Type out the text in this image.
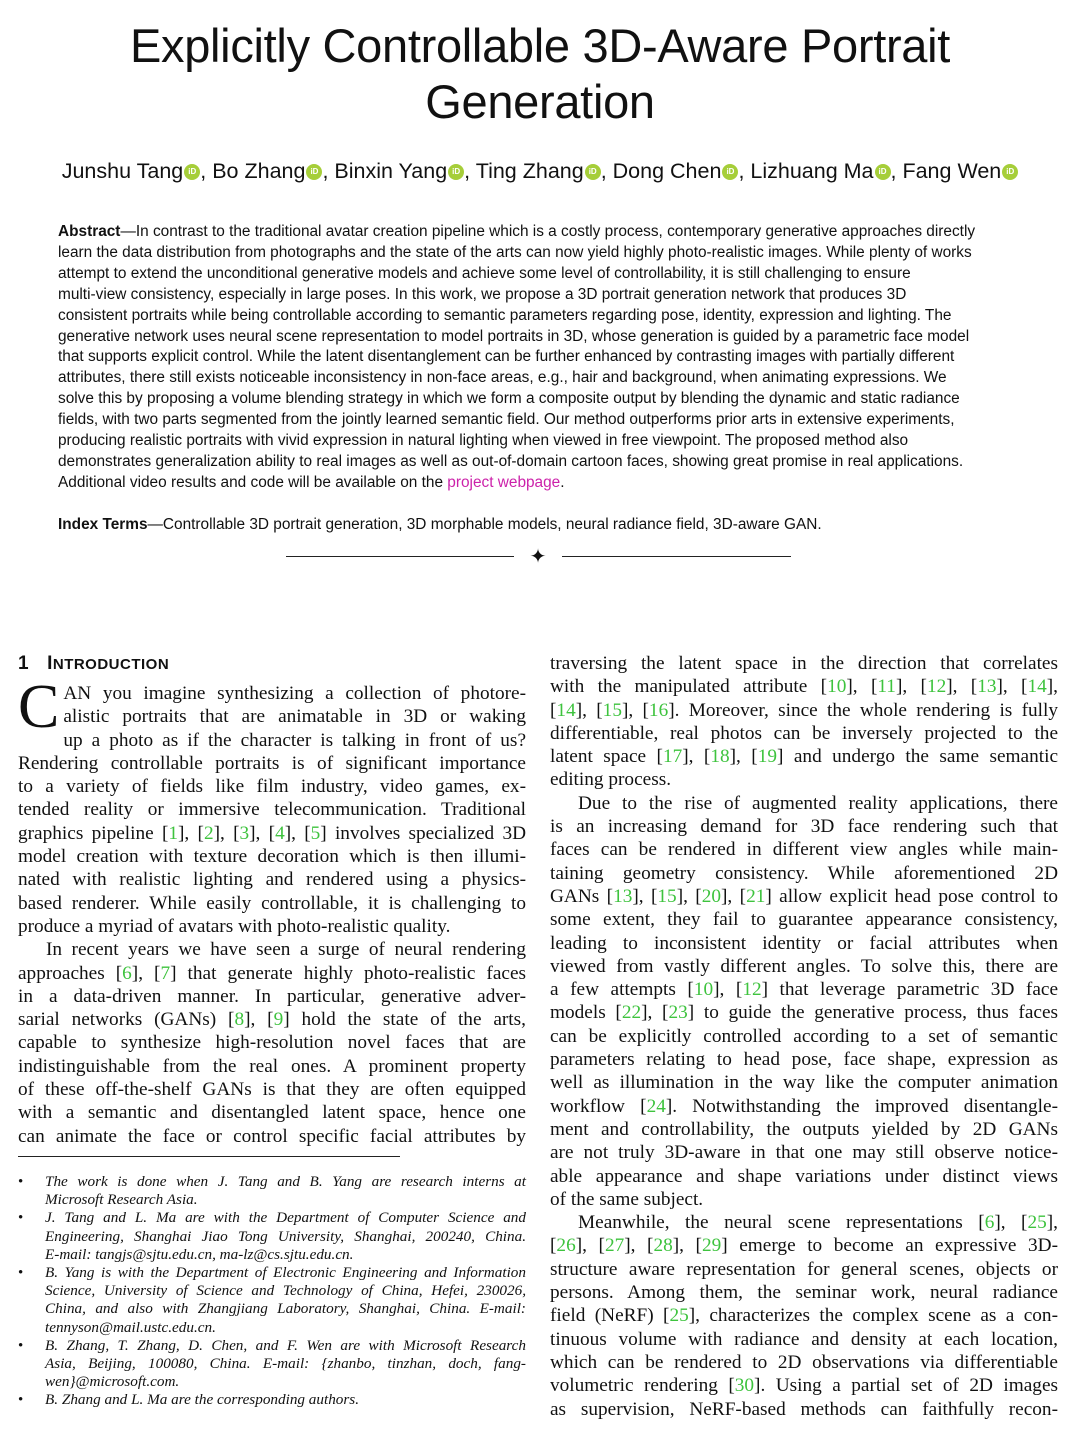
Explicitly Controllable 3D-Aware Portrait
Generation
Junshu Tang iD , Bo Zhang iD , Binxin Yang iD , Ting Zhang iD , Dong Chen iD , Lizhuang Ma iD , Fang Wen iD
Abstract—In contrast to the traditional avatar creation pipeline which is a costly process, contemporary generative approaches directly
learn the data distribution from photographs and the state of the arts can now yield highly photo-realistic images. While plenty of works
attempt to extend the unconditional generative models and achieve some level of controllability, it is still challenging to ensure
multi-view consistency, especially in large poses. In this work, we propose a 3D portrait generation network that produces 3D
consistent portraits while being controllable according to semantic parameters regarding pose, identity, expression and lighting. The
generative network uses neural scene representation to model portraits in 3D, whose generation is guided by a parametric face model
that supports explicit control. While the latent disentanglement can be further enhanced by contrasting images with partially different
attributes, there still exists noticeable inconsistency in non-face areas, e.g., hair and background, when animating expressions. We
solve this by proposing a volume blending strategy in which we form a composite output by blending the dynamic and static radiance
fields, with two parts segmented from the jointly learned semantic field. Our method outperforms prior arts in extensive experiments,
producing realistic portraits with vivid expression in natural lighting when viewed in free viewpoint. The proposed method also
demonstrates generalization ability to real images as well as out-of-domain cartoon faces, showing great promise in real applications.
Additional video results and code will be available on the project webpage.
Index Terms—Controllable 3D portrait generation, 3D morphable models, neural radiance field, 3D-aware GAN.
✦
1 INTRODUCTION
C AN you imagine synthesizing a collection of photore-
alistic portraits that are animatable in 3D or waking
up a photo as if the character is talking in front of us?
Rendering controllable portraits is of significant importance
to a variety of fields like film industry, video games, ex-
tended reality or immersive telecommunication. Traditional
graphics pipeline [1], [2], [3], [4], [5] involves specialized 3D
model creation with texture decoration which is then illumi-
nated with realistic lighting and rendered using a physics-
based renderer. While easily controllable, it is challenging to
produce a myriad of avatars with photo-realistic quality.
In recent years we have seen a surge of neural rendering
approaches [6], [7] that generate highly photo-realistic faces
in a data-driven manner. In particular, generative adver-
sarial networks (GANs) [8], [9] hold the state of the arts,
capable to synthesize high-resolution novel faces that are
indistinguishable from the real ones. A prominent property
of these off-the-shelf GANs is that they are often equipped
with a semantic and disentangled latent space, hence one
can animate the face or control specific facial attributes by
• The work is done when J. Tang and B. Yang are research interns at
Microsoft Research Asia.
• J. Tang and L. Ma are with the Department of Computer Science and
Engineering, Shanghai Jiao Tong University, Shanghai, 200240, China.
E-mail: tangjs@sjtu.edu.cn, ma-lz@cs.sjtu.edu.cn.
• B. Yang is with the Department of Electronic Engineering and Information
Science, University of Science and Technology of China, Hefei, 230026,
China, and also with Zhangjiang Laboratory, Shanghai, China. E-mail:
tennyson@mail.ustc.edu.cn.
• B. Zhang, T. Zhang, D. Chen, and F. Wen are with Microsoft Research
Asia, Beijing, 100080, China. E-mail: {zhanbo, tinzhan, doch, fang-
wen}@microsoft.com.
• B. Zhang and L. Ma are the corresponding authors.
traversing the latent space in the direction that correlates
with the manipulated attribute [10], [11], [12], [13], [14],
[14], [15], [16]. Moreover, since the whole rendering is fully
differentiable, real photos can be inversely projected to the
latent space [17], [18], [19] and undergo the same semantic
editing process.
Due to the rise of augmented reality applications, there
is an increasing demand for 3D face rendering such that
faces can be rendered in different view angles while main-
taining geometry consistency. While aforementioned 2D
GANs [13], [15], [20], [21] allow explicit head pose control to
some extent, they fail to guarantee appearance consistency,
leading to inconsistent identity or facial attributes when
viewed from vastly different angles. To solve this, there are
a few attempts [10], [12] that leverage parametric 3D face
models [22], [23] to guide the generative process, thus faces
can be explicitly controlled according to a set of semantic
parameters relating to head pose, face shape, expression as
well as illumination in the way like the computer animation
workflow [24]. Notwithstanding the improved disentangle-
ment and controllability, the outputs yielded by 2D GANs
are not truly 3D-aware in that one may still observe notice-
able appearance and shape variations under distinct views
of the same subject.
Meanwhile, the neural scene representations [6], [25],
[26], [27], [28], [29] emerge to become an expressive 3D-
structure aware representation for general scenes, objects or
persons. Among them, the seminar work, neural radiance
field (NeRF) [25], characterizes the complex scene as a con-
tinuous volume with radiance and density at each location,
which can be rendered to 2D observations via differentiable
volumetric rendering [30]. Using a partial set of 2D images
as supervision, NeRF-based methods can faithfully recon-
